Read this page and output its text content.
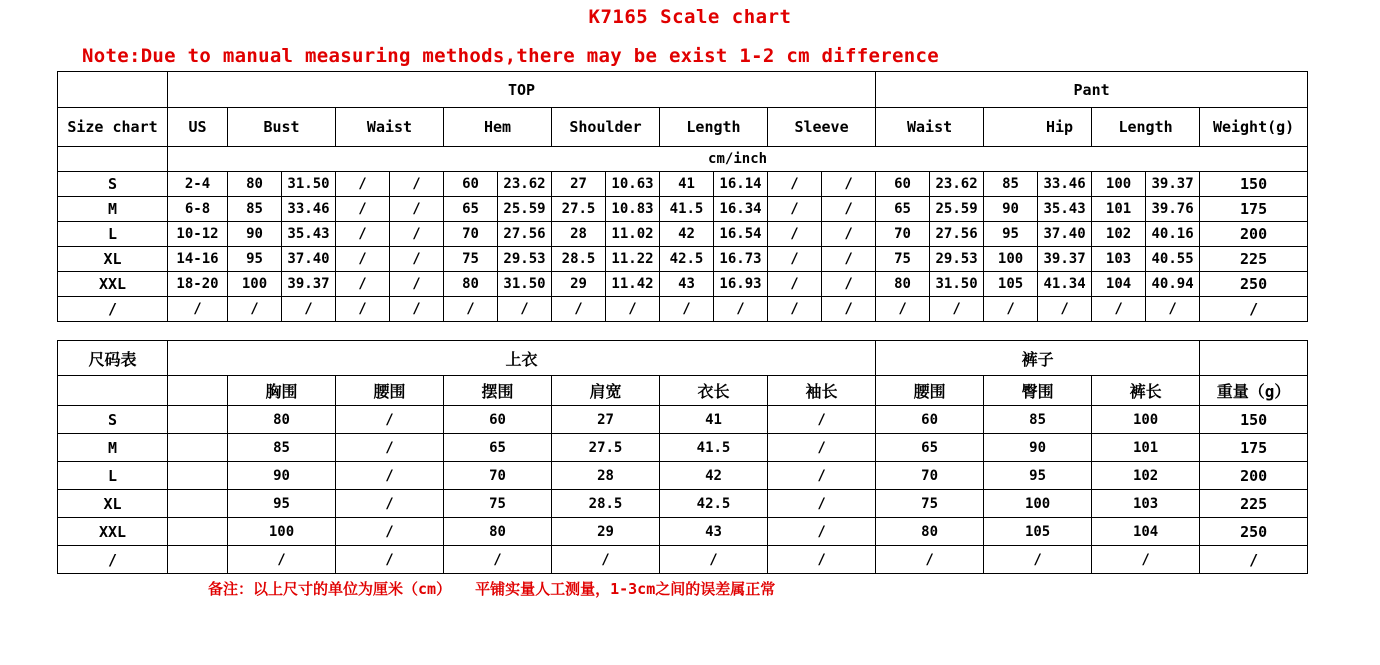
K7165 Scale chart
Note:Due to manual measuring methods,there may be exist 1-2 cm difference
	TOP													Pant						
Size chart	US	Bust		Waist		Hem		Shoulder		Length		Sleeve		Waist		Hip		Length		Weight(g)
	cm/inch																			
S	2-4	80	31.50	/	/	60	23.62	27	10.63	41	16.14	/	/	60	23.62	85	33.46	100	39.37	150
M	6-8	85	33.46	/	/	65	25.59	27.5	10.83	41.5	16.34	/	/	65	25.59	90	35.43	101	39.76	175
L	10-12	90	35.43	/	/	70	27.56	28	11.02	42	16.54	/	/	70	27.56	95	37.40	102	40.16	200
XL	14-16	95	37.40	/	/	75	29.53	28.5	11.22	42.5	16.73	/	/	75	29.53	100	39.37	103	40.55	225
XXL	18-20	100	39.37	/	/	80	31.50	29	11.42	43	16.93	/	/	80	31.50	105	41.34	104	40.94	250
/	/	/	/	/	/	/	/	/	/	/	/	/	/	/	/	/	/	/	/	/
尺码表	上衣							裤子			
		胸围	腰围	摆围	肩宽	衣长	袖长	腰围	臀围	裤长	重量（g）
S		80	/	60	27	41	/	60	85	100	150
M		85	/	65	27.5	41.5	/	65	90	101	175
L		90	/	70	28	42	/	70	95	102	200
XL		95	/	75	28.5	42.5	/	75	100	103	225
XXL		100	/	80	29	43	/	80	105	104	250
/		/	/	/	/	/	/	/	/	/	/
备注：以上尺寸的单位为厘米（cm） 平铺实量人工测量，1-3cm之间的误差属正常
